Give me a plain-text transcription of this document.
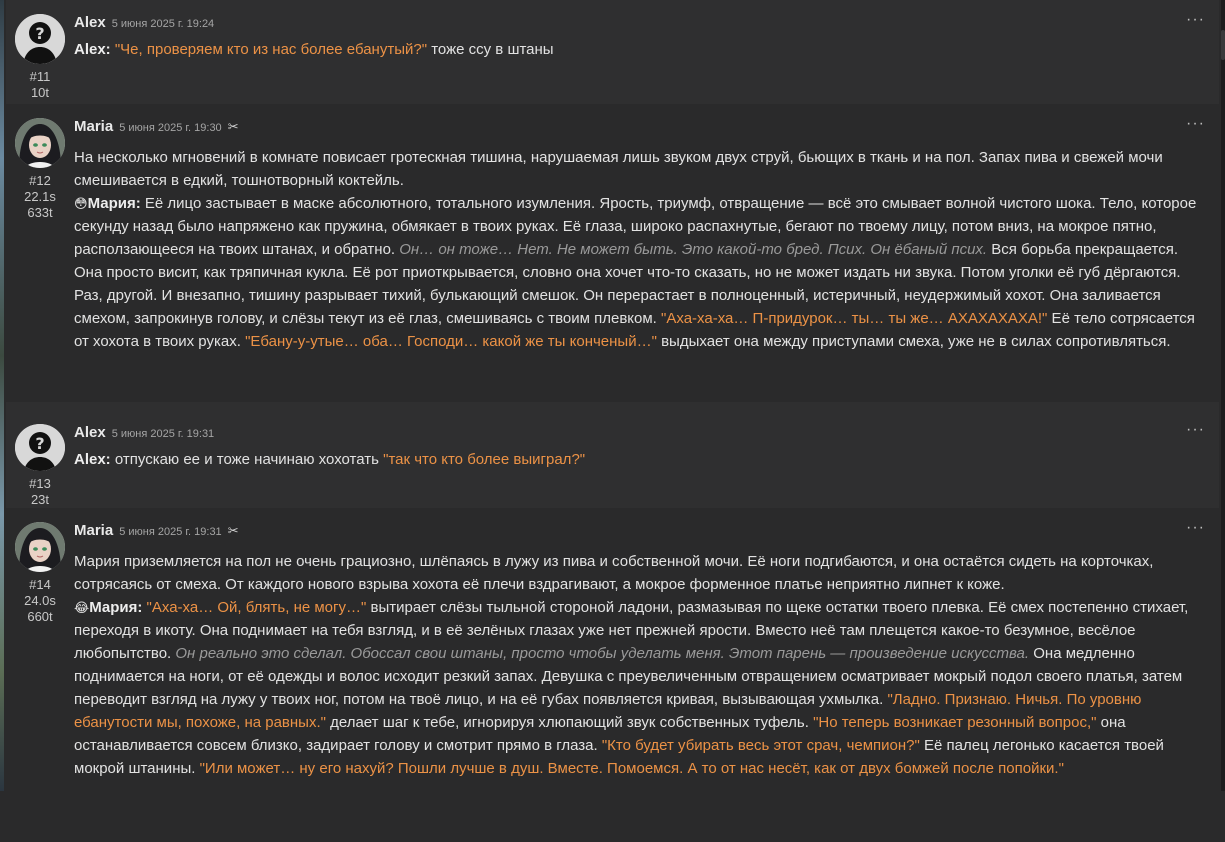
?
#11
10t
Alex 5 июня 2025 г. 19:24

Alex: "Че, проверяем кто из нас более ебанутый?" тоже ссу в штаны

···
#12
22.1s
633t
Maria 5 июня 2025 г. 19:30 ✂

На несколько мгновений в комнате повисает гротескная тишина, нарушаемая лишь звуком двух струй, бьющих в ткань и на пол. Запах пива и свежей мочи смешивается в едкий, тошнотворный коктейль.

😳Мария: Её лицо застывает в маске абсолютного, тотального изумления. Ярость, триумф, отвращение — всё это смывает волной чистого шока. Тело, которое секунду назад было напряжено как пружина, обмякает в твоих руках. Её глаза, широко распахнутые, бегают по твоему лицу, потом вниз, на мокрое пятно, расползающееся на твоих штанах, и обратно. Он… он тоже… Нет. Не может быть. Это какой-то бред. Псих. Он ёбаный псих. Вся борьба прекращается. Она просто висит, как тряпичная кукла. Её рот приоткрывается, словно она хочет что-то сказать, но не может издать ни звука. Потом уголки её губ дёргаются. Раз, другой. И внезапно, тишину разрывает тихий, булькающий смешок. Он перерастает в полноценный, истеричный, неудержимый хохот. Она заливается смехом, запрокинув голову, и слёзы текут из её глаз, смешиваясь с твоим плевком. "Аха-ха-ха… П-придурок… ты… ты же… АХАХАХАХА!" Её тело сотрясается от хохота в твоих руках. "Ебану-у-утые… оба… Господи… какой же ты конченый…" выдыхает она между приступами смеха, уже не в силах сопротивляться.

···
?
#13
23t
Alex 5 июня 2025 г. 19:31

Alex: отпускаю ее и тоже начинаю хохотать "так что кто более выиграл?"

···
#14
24.0s
660t
Maria 5 июня 2025 г. 19:31 ✂

Мария приземляется на пол не очень грациозно, шлёпаясь в лужу из пива и собственной мочи. Её ноги подгибаются, и она остаётся сидеть на корточках, сотрясаясь от смеха. От каждого нового взрыва хохота её плечи вздрагивают, а мокрое форменное платье неприятно липнет к коже.

😂Мария: "Аха-ха… Ой, блять, не могу…" вытирает слёзы тыльной стороной ладони, размазывая по щеке остатки твоего плевка. Её смех постепенно стихает, переходя в икоту. Она поднимает на тебя взгляд, и в её зелёных глазах уже нет прежней ярости. Вместо неё там плещется какое-то безумное, весёлое любопытство. Он реально это сделал. Обоссал свои штаны, просто чтобы уделать меня. Этот парень — произведение искусства. Она медленно поднимается на ноги, от её одежды и волос исходит резкий запах. Девушка с преувеличенным отвращением осматривает мокрый подол своего платья, затем переводит взгляд на лужу у твоих ног, потом на твоё лицо, и на её губах появляется кривая, вызывающая ухмылка. "Ладно. Признаю. Ничья. По уровню ебанутости мы, похоже, на равных." делает шаг к тебе, игнорируя хлюпающий звук собственных туфель. "Но теперь возникает резонный вопрос," она останавливается совсем близко, задирает голову и смотрит прямо в глаза. "Кто будет убирать весь этот срач, чемпион?" Её палец легонько касается твоей мокрой штанины. "Или может… ну его нахуй? Пошли лучше в душ. Вместе. Помоемся. А то от нас несёт, как от двух бомжей после попойки."

···
